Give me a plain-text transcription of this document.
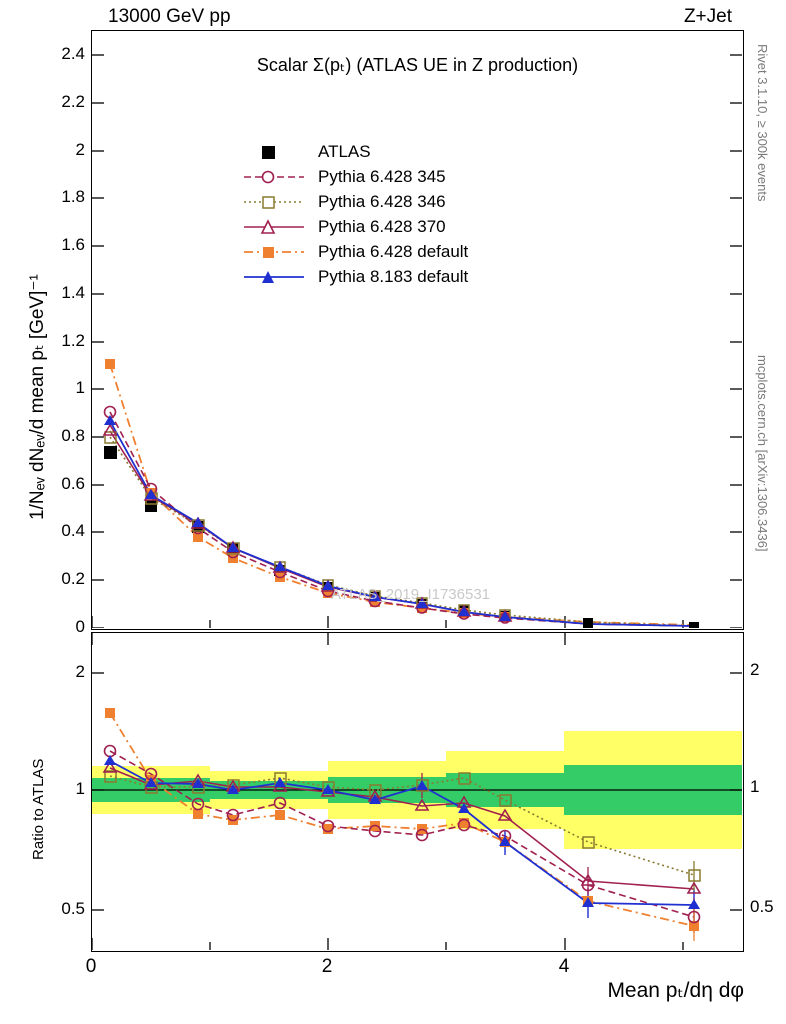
13000 GeV pp	Z+Jet
Rivet 3.1.10, ≥ 300k events
mcplots.cern.ch [arXiv:1306.3436]
Scalar Σ(pₜ) (ATLAS UE in Z production)
ATLAS
Pythia 6.428 345
Pythia 6.428 346
Pythia 6.428 370
Pythia 6.428 default
Pythia 8.183 default
ATLAS_2019_I1736531
0
0.2
0.4
0.6
0.8
1
1.2
1.4
1.6
1.8
2
2.2
2.4
1/Nₑᵥ dNₑᵥ/d mean pₜ [GeV]⁻¹
2
1
0.5
2
1
0.5
Ratio to ATLAS
0	2	4
Mean pₜ/dη dφ
